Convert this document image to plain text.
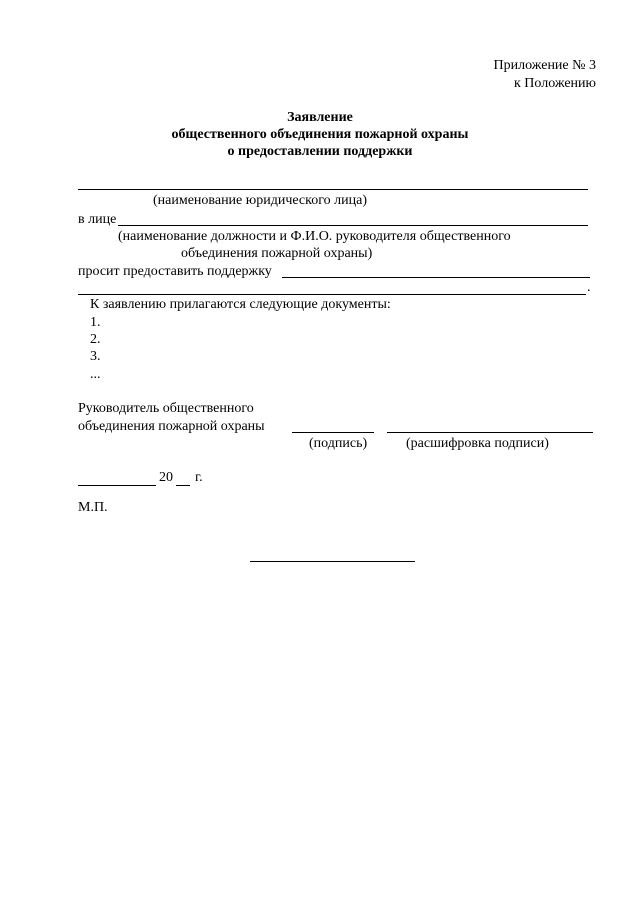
Приложение № 3
к Положению
Заявление
общественного объединения пожарной охраны
о предоставлении поддержки
(наименование юридического лица)
в лице
(наименование должности и Ф.И.О. руководителя общественного
объединения пожарной охраны)
просит предоставить поддержку
.
К заявлению прилагаются следующие документы:
1.
2.
3.
...
Руководитель общественного
объединения пожарной охраны
(подпись)	(расшифровка подписи)
20 г.
М.П.
